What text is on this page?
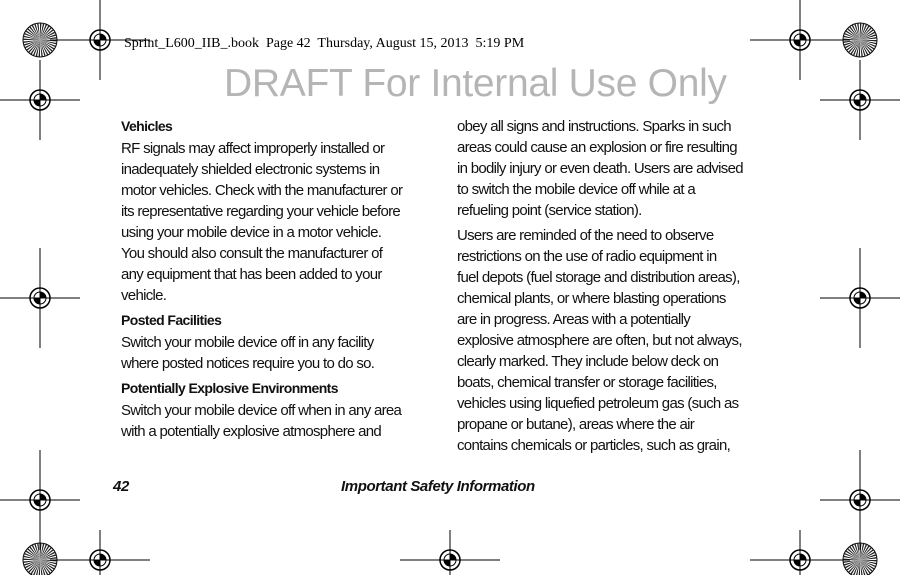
Sprint_L600_IIB_.book  Page 42  Thursday, August 15, 2013  5:19 PM
DRAFT For Internal Use Only
Vehicles
RF signals may affect improperly installed or
inadequately shielded electronic systems in
motor vehicles. Check with the manufacturer or
its representative regarding your vehicle before
using your mobile device in a motor vehicle.
You should also consult the manufacturer of
any equipment that has been added to your
vehicle.
Posted Facilities
Switch your mobile device off in any facility
where posted notices require you to do so.
Potentially Explosive Environments
Switch your mobile device off when in any area
with a potentially explosive atmosphere and
obey all signs and instructions. Sparks in such
areas could cause an explosion or fire resulting
in bodily injury or even death. Users are advised
to switch the mobile device off while at a
refueling point (service station).
Users are reminded of the need to observe
restrictions on the use of radio equipment in
fuel depots (fuel storage and distribution areas),
chemical plants, or where blasting operations
are in progress. Areas with a potentially
explosive atmosphere are often, but not always,
clearly marked. They include below deck on
boats, chemical transfer or storage facilities,
vehicles using liquefied petroleum gas (such as
propane or butane), areas where the air
contains chemicals or particles, such as grain,
42	Important Safety Information
